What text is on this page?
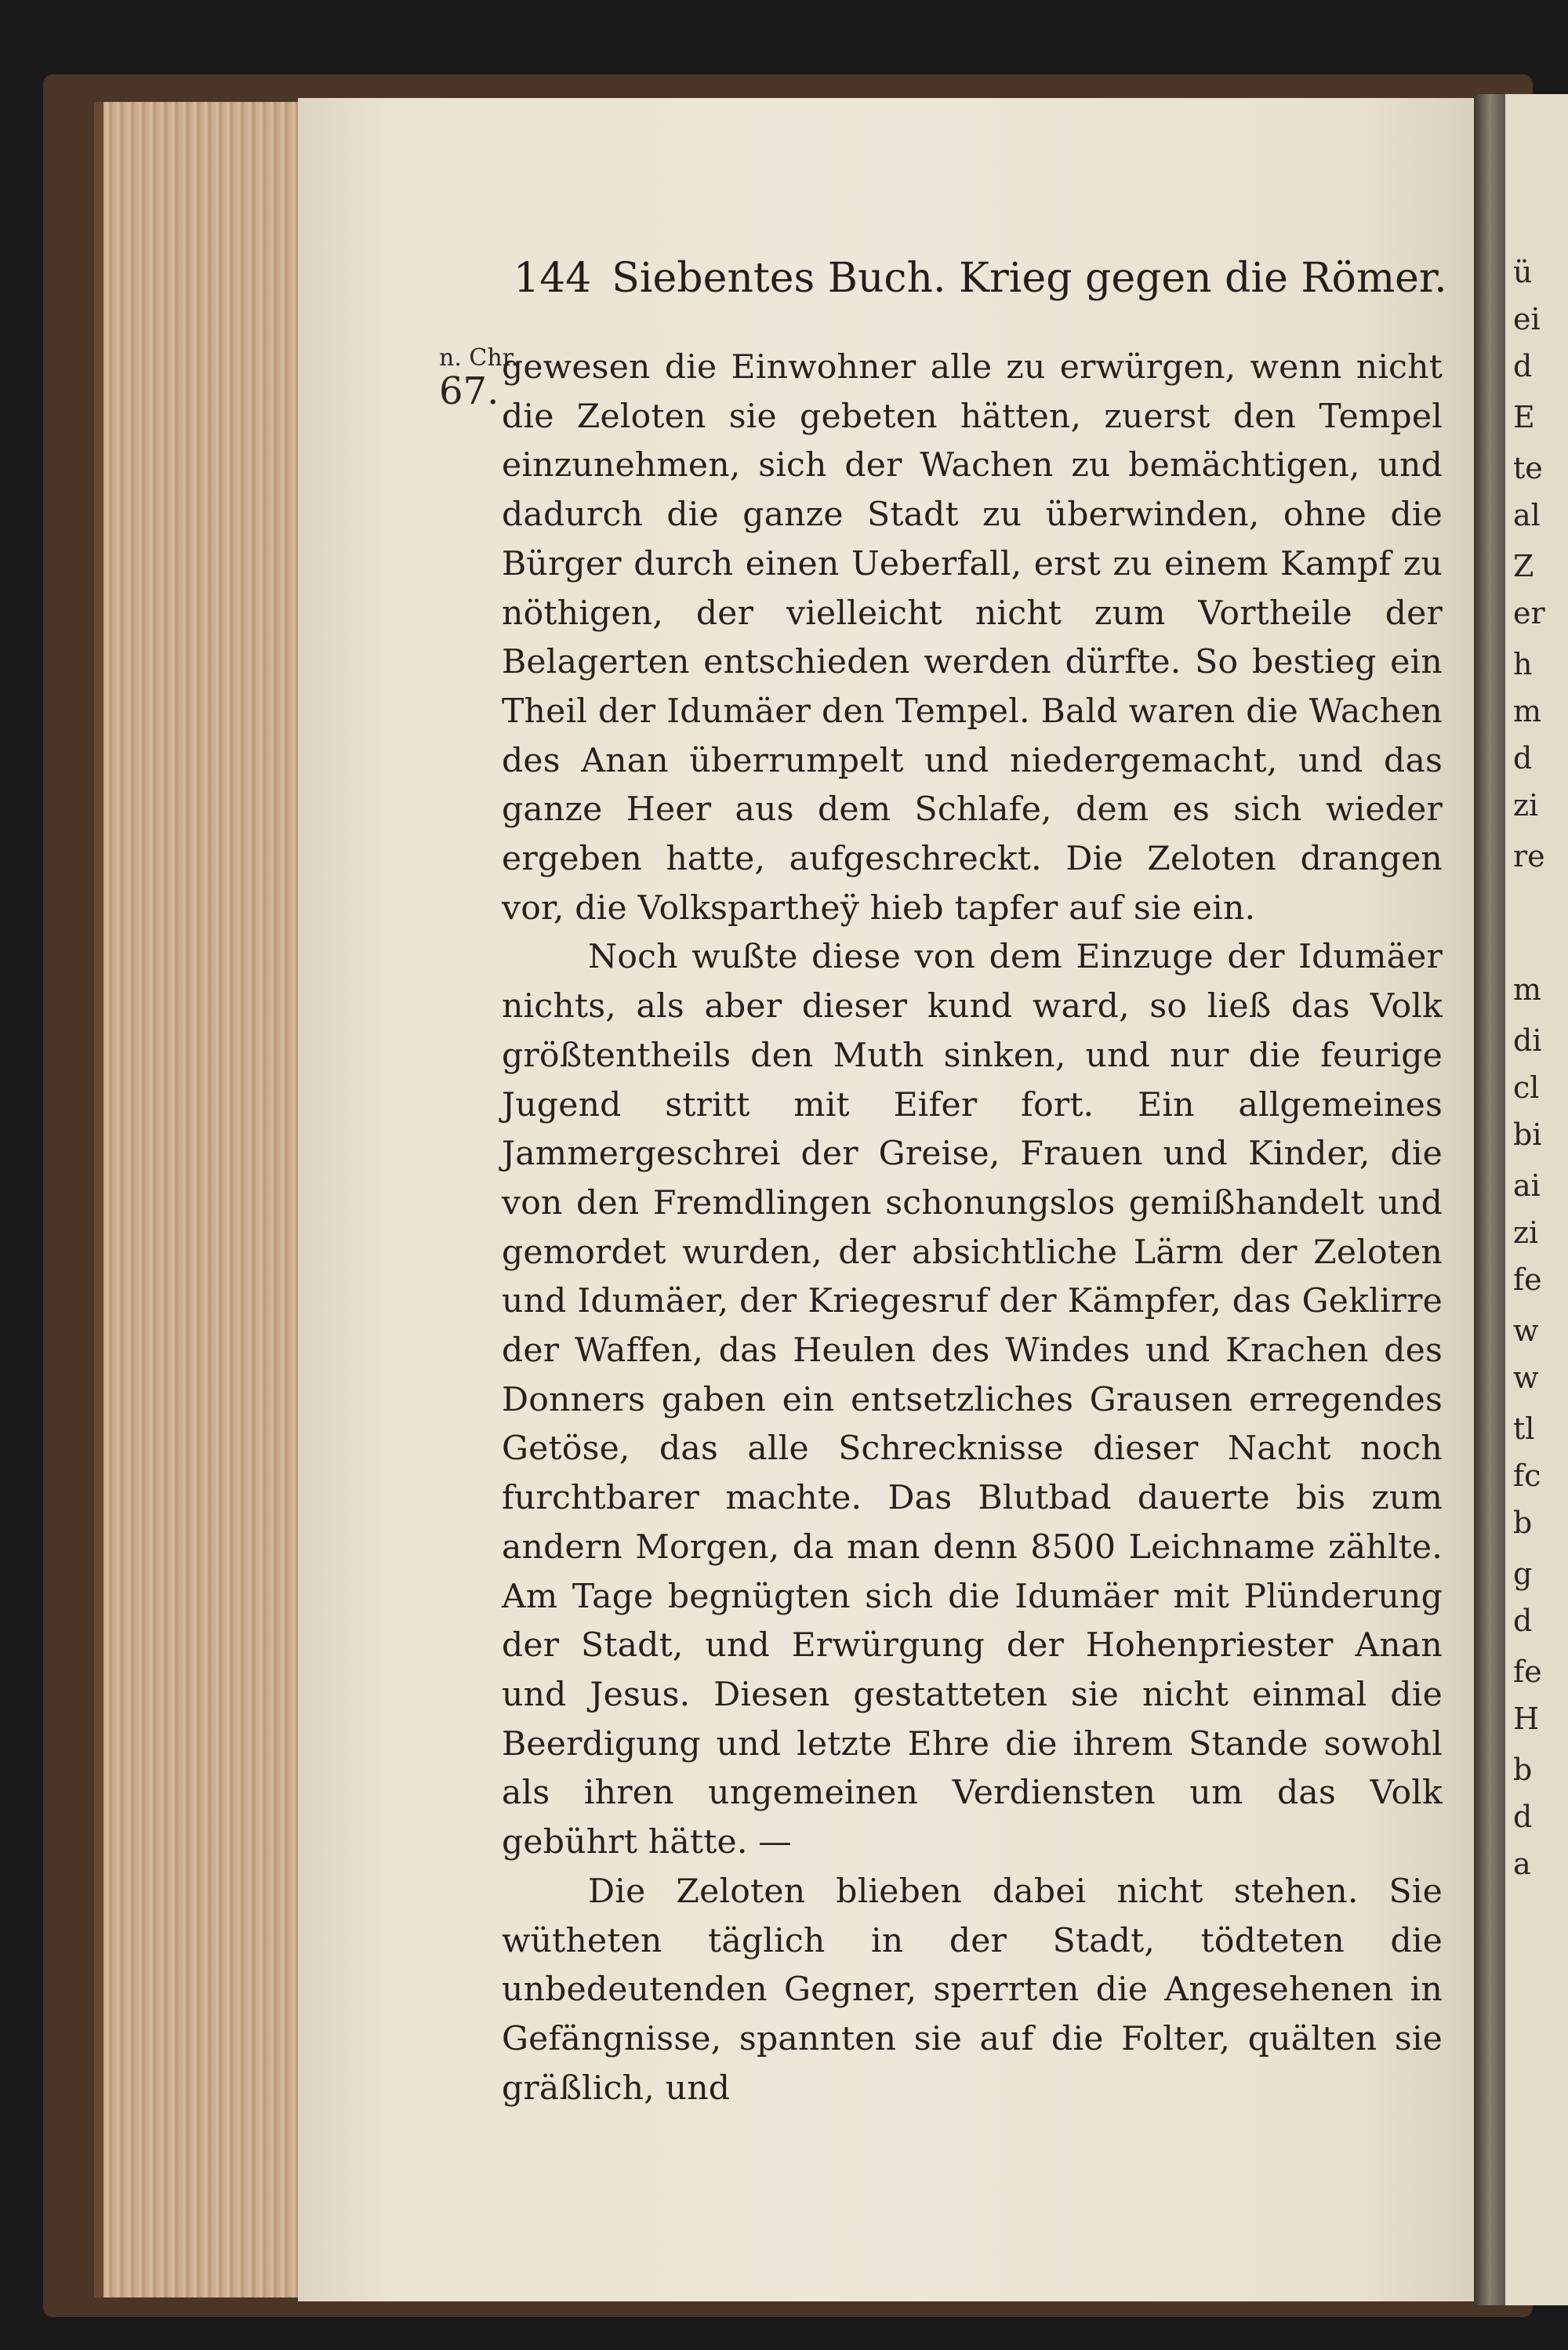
ü
ei
d
E
te
al
Z
er
h
m
d
zi
re
m
di
cl
bi
ai
zi
fe
w
w
tl
fc
b
g
d
fe
H
b
d
a
144 Siebentes Buch. Krieg gegen die Römer.
n. Chr.
67.

gewesen die Einwohner alle zu erwürgen, wenn nicht die Zeloten sie gebeten hätten, zuerst den Tempel einzunehmen, sich der Wachen zu bemächtigen, und dadurch die ganze Stadt zu überwinden, ohne die Bürger durch einen Ueberfall, erst zu einem Kampf zu nöthigen, der vielleicht nicht zum Vortheile der Belagerten entschieden werden dürfte. So bestieg ein Theil der Idumäer den Tempel. Bald waren die Wachen des Anan überrumpelt und niedergemacht, und das ganze Heer aus dem Schlafe, dem es sich wieder ergeben hatte, aufgeschreckt. Die Zeloten drangen vor, die Volkspartheÿ hieb tapfer auf sie ein.

Noch wußte diese von dem Einzuge der Idumäer nichts, als aber dieser kund ward, so ließ das Volk größtentheils den Muth sinken, und nur die feurige Jugend stritt mit Eifer fort. Ein allgemeines Jammergeschrei der Greise, Frauen und Kinder, die von den Fremdlingen schonungslos gemißhandelt und gemordet wurden, der absichtliche Lärm der Zeloten und Idumäer, der Kriegesruf der Kämpfer, das Geklirre der Waffen, das Heulen des Windes und Krachen des Donners gaben ein entsetzliches Grausen erregendes Getöse, das alle Schrecknisse dieser Nacht noch furchtbarer machte. Das Blutbad dauerte bis zum andern Morgen, da man denn 8500 Leichname zählte. Am Tage begnügten sich die Idumäer mit Plünderung der Stadt, und Erwürgung der Hohenpriester Anan und Jesus. Diesen gestatteten sie nicht einmal die Beerdigung und letzte Ehre die ihrem Stande sowohl als ihren ungemeinen Verdiensten um das Volk gebührt hätte. —

Die Zeloten blieben dabei nicht stehen. Sie wütheten täglich in der Stadt, tödteten die unbedeutenden Gegner, sperrten die Angesehenen in Gefängnisse, spannten sie auf die Folter, quälten sie gräßlich, und
